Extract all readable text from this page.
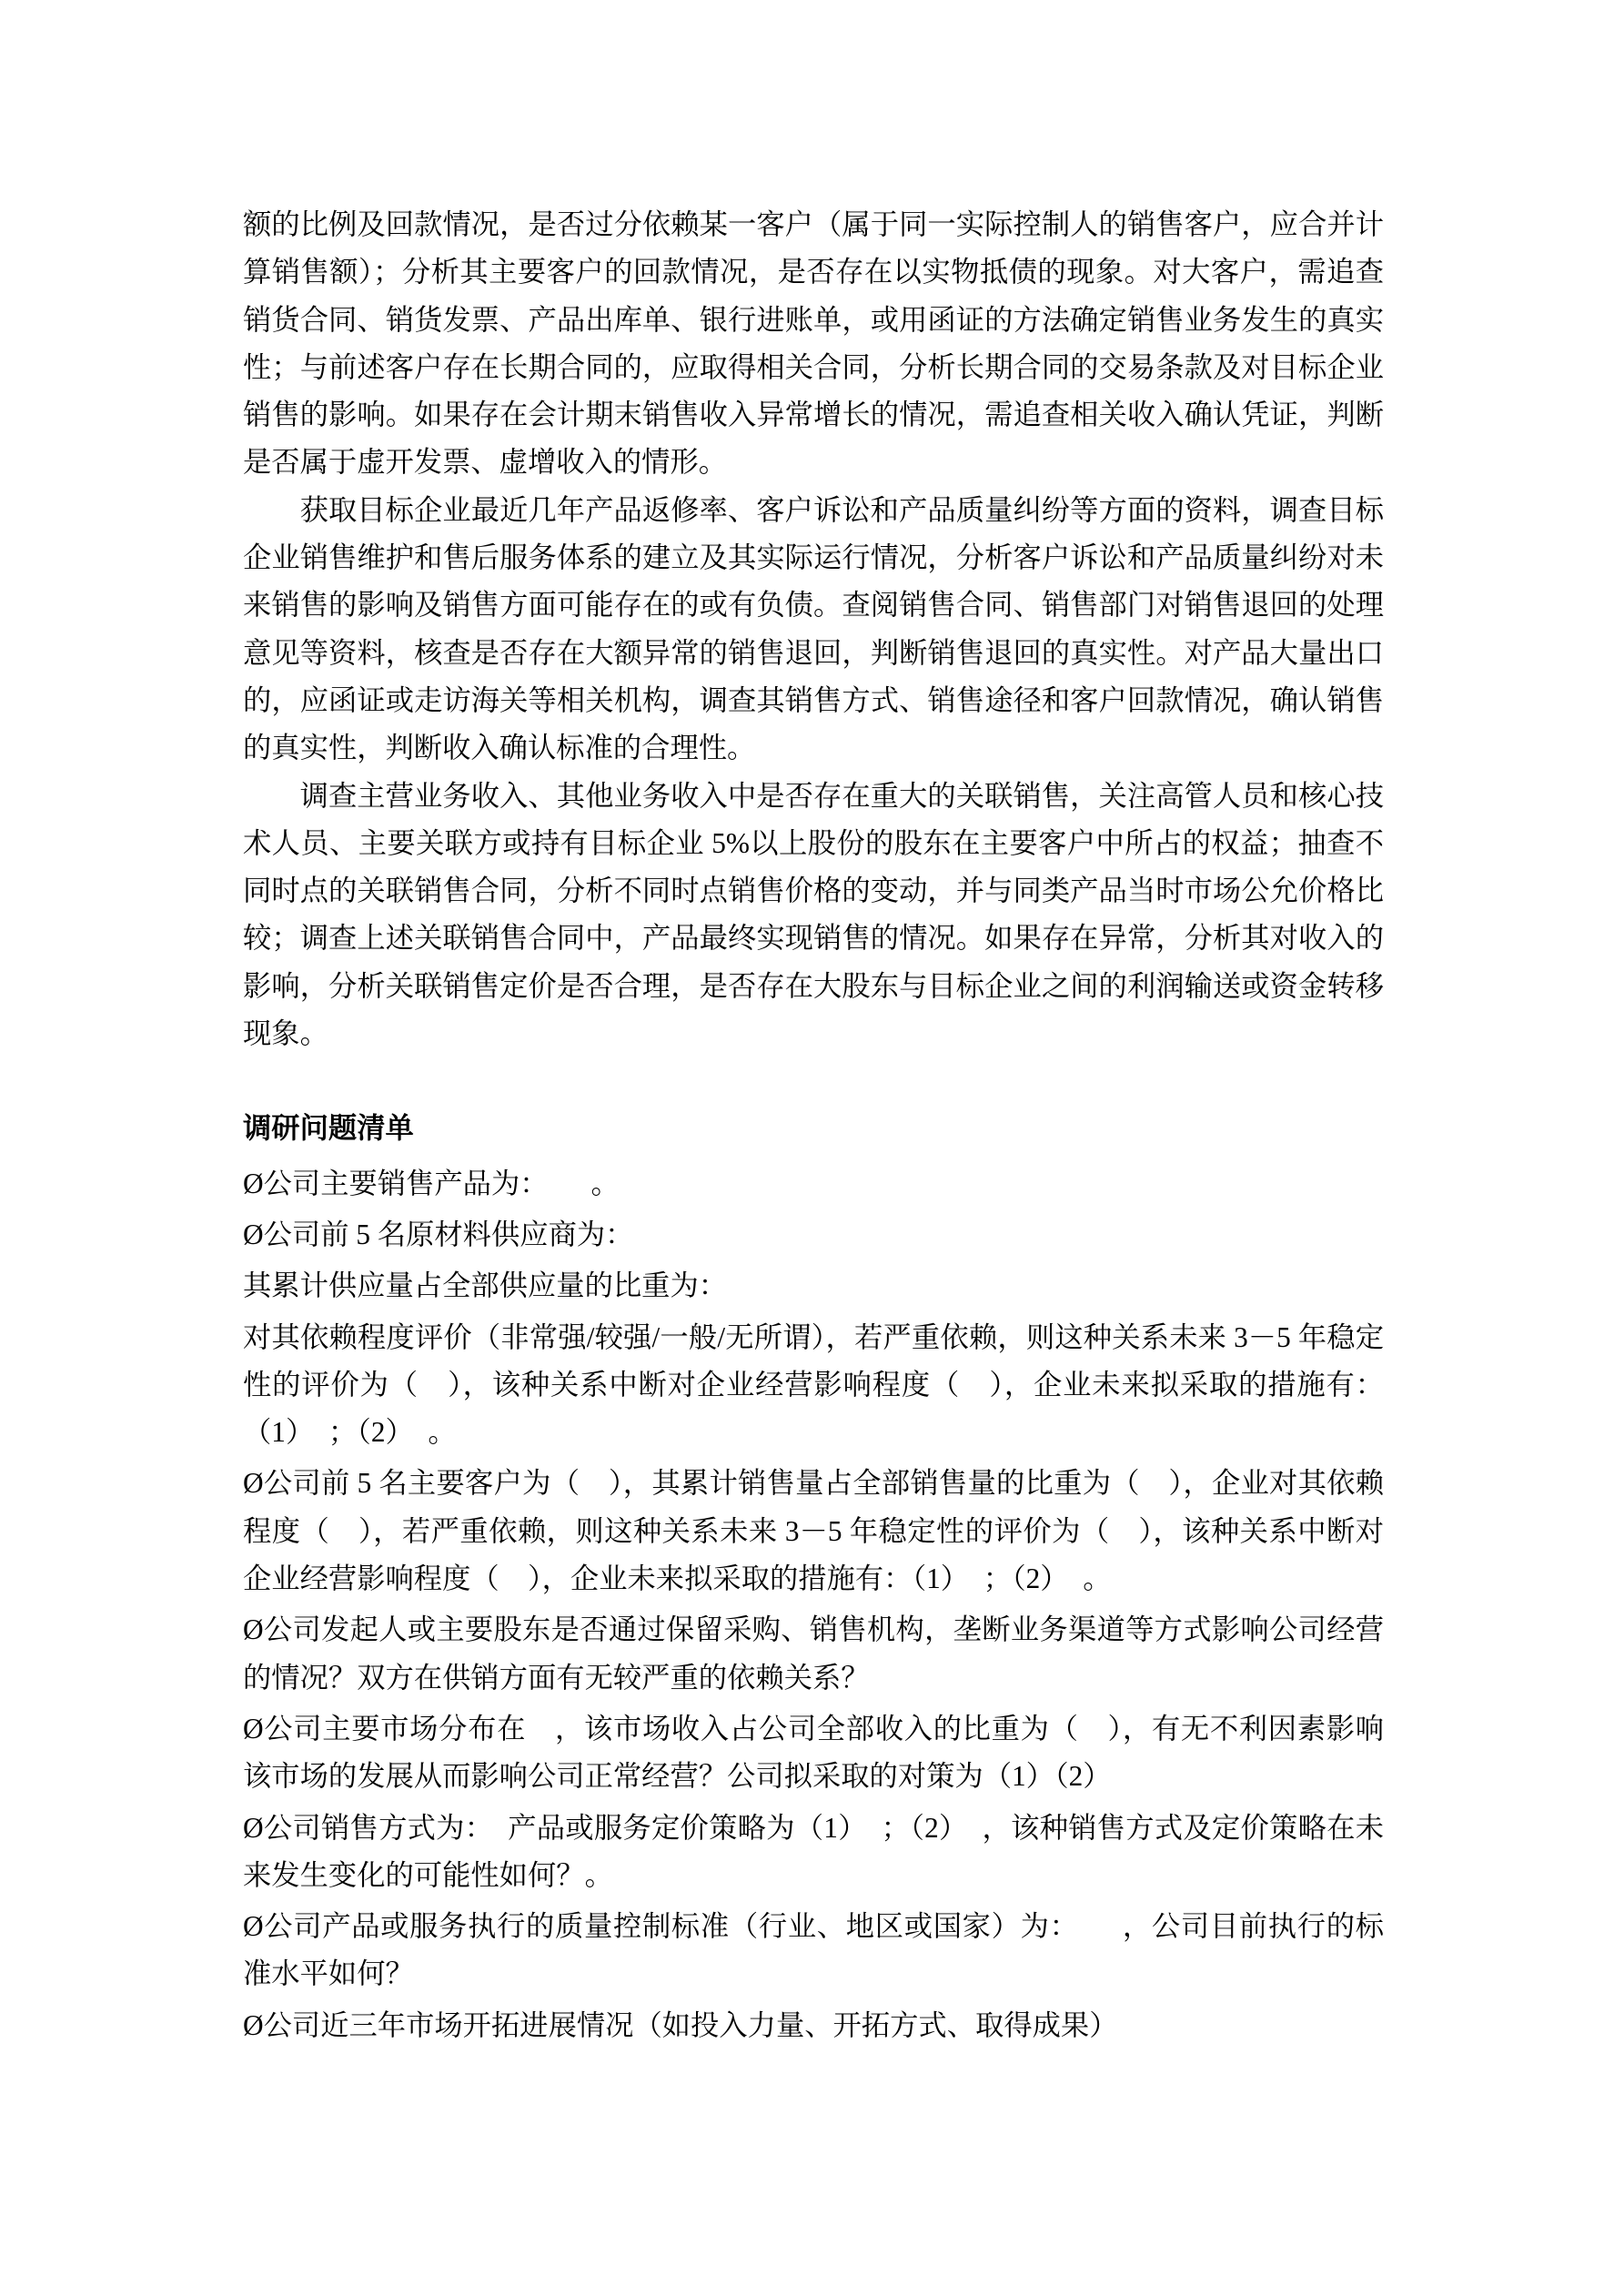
额的比例及回款情况，是否过分依赖某一客户（属于同一实际控制人的销售客户，应合并计算销售额）；分析其主要客户的回款情况，是否存在以实物抵债的现象。对大客户，需追查销货合同、销货发票、产品出库单、银行进账单，或用函证的方法确定销售业务发生的真实性；与前述客户存在长期合同的，应取得相关合同，分析长期合同的交易条款及对目标企业销售的影响。如果存在会计期末销售收入异常增长的情况，需追查相关收入确认凭证，判断是否属于虚开发票、虚增收入的情形。

获取目标企业最近几年产品返修率、客户诉讼和产品质量纠纷等方面的资料，调查目标企业销售维护和售后服务体系的建立及其实际运行情况，分析客户诉讼和产品质量纠纷对未来销售的影响及销售方面可能存在的或有负债。查阅销售合同、销售部门对销售退回的处理意见等资料，核查是否存在大额异常的销售退回，判断销售退回的真实性。对产品大量出口的，应函证或走访海关等相关机构，调查其销售方式、销售途径和客户回款情况，确认销售的真实性，判断收入确认标准的合理性。

调查主营业务收入、其他业务收入中是否存在重大的关联销售，关注高管人员和核心技术人员、主要关联方或持有目标企业 5%以上股份的股东在主要客户中所占的权益；抽查不同时点的关联销售合同，分析不同时点销售价格的变动，并与同类产品当时市场公允价格比较；调查上述关联销售合同中，产品最终实现销售的情况。如果存在异常，分析其对收入的影响，分析关联销售定价是否合理，是否存在大股东与目标企业之间的利润输送或资金转移现象。

调研问题清单

Ø公司主要销售产品为：　　。

Ø公司前 5 名原材料供应商为：

其累计供应量占全部供应量的比重为：

对其依赖程度评价（非常强/较强/一般/无所谓），若严重依赖，则这种关系未来 3－5 年稳定性的评价为（　），该种关系中断对企业经营影响程度（　），企业未来拟采取的措施有：（1）　；（2）　。

Ø公司前 5 名主要客户为（　），其累计销售量占全部销售量的比重为（　），企业对其依赖程度（　），若严重依赖，则这种关系未来 3－5 年稳定性的评价为（　），该种关系中断对企业经营影响程度（　），企业未来拟采取的措施有：（1）　；（2）　。

Ø公司发起人或主要股东是否通过保留采购、销售机构，垄断业务渠道等方式影响公司经营的情况？双方在供销方面有无较严重的依赖关系？

Ø公司主要市场分布在　，该市场收入占公司全部收入的比重为（　），有无不利因素影响该市场的发展从而影响公司正常经营？公司拟采取的对策为（1）（2）

Ø公司销售方式为：　产品或服务定价策略为（1）　；（2）　，该种销售方式及定价策略在未来发生变化的可能性如何？。

Ø公司产品或服务执行的质量控制标准（行业、地区或国家）为：　　，公司目前执行的标准水平如何？

Ø公司近三年市场开拓进展情况（如投入力量、开拓方式、取得成果）
